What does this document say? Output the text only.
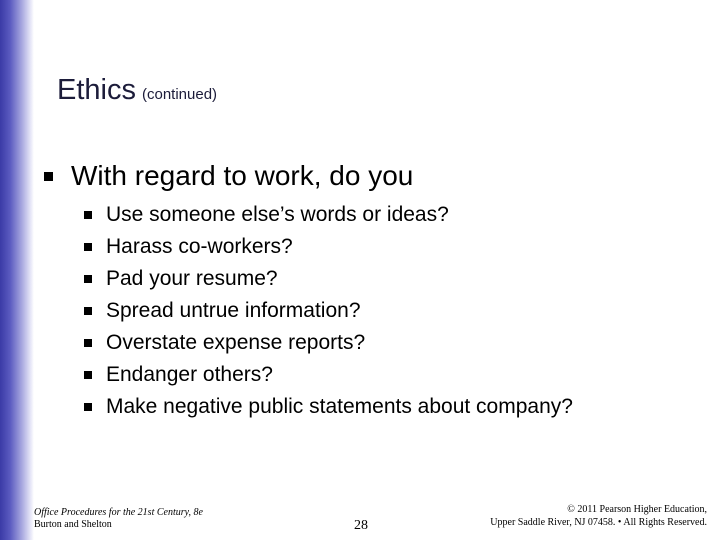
Ethics (continued)
With regard to work, do you
Use someone else’s words or ideas?
Harass co-workers?
Pad your resume?
Spread untrue information?
Overstate expense reports?
Endanger others?
Make negative public statements about company?
Office Procedures for the 21st Century, 8e
Burton and Shelton	28
© 2011 Pearson Higher Education,
Upper Saddle River, NJ 07458. • All Rights Reserved.
